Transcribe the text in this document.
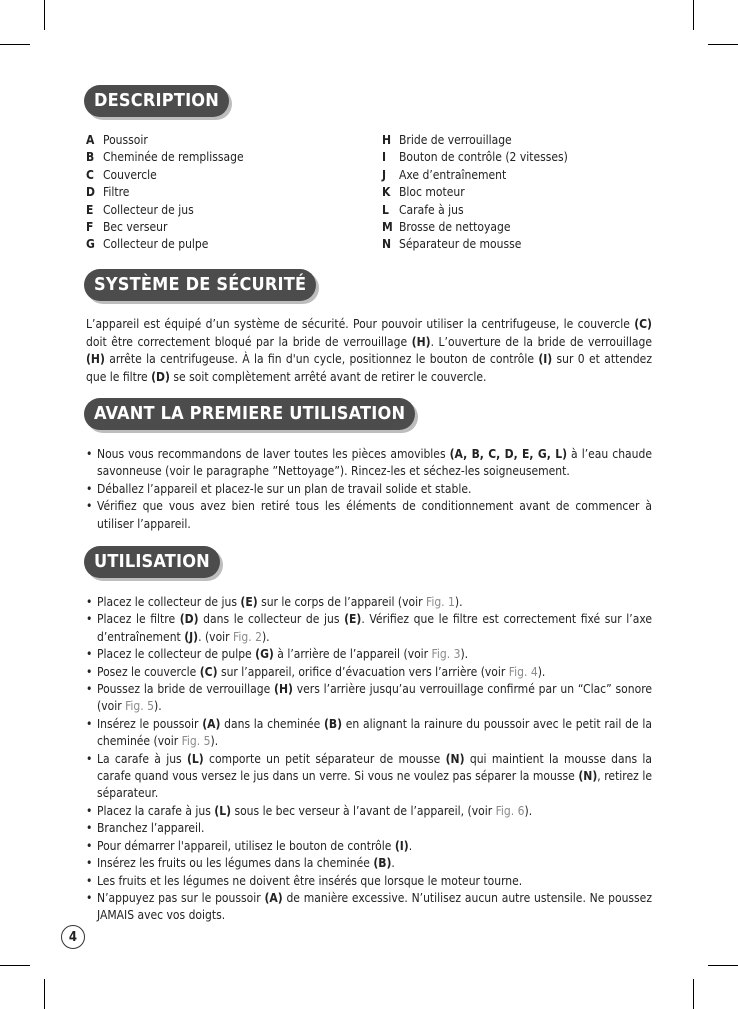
DESCRIPTION
A Poussoir
B Cheminée de remplissage
C Couvercle
D Filtre
E Collecteur de jus
F Bec verseur
G Collecteur de pulpe
H Bride de verrouillage
I Bouton de contrôle (2 vitesses)
J Axe d’entraînement
K Bloc moteur
L Carafe à jus
M Brosse de nettoyage
N Séparateur de mousse
SYSTÈME DE SÉCURITÉ
L’appareil est équipé d’un système de sécurité. Pour pouvoir utiliser la centrifugeuse, le couvercle (C) doit être correctement bloqué par la bride de verrouillage (H). L’ouverture de la bride de verrouillage (H) arrête la centrifugeuse. À la fin d'un cycle, positionnez le bouton de contrôle (I) sur 0 et attendez que le filtre (D) se soit complètement arrêté avant de retirer le couvercle.
AVANT LA PREMIERE UTILISATION
• Nous vous recommandons de laver toutes les pièces amovibles (A, B, C, D, E, G, L) à l’eau chaude savonneuse (voir le paragraphe ”Nettoyage”). Rincez-les et séchez-les soigneusement.
• Déballez l’appareil et placez-le sur un plan de travail solide et stable.
• Vérifiez que vous avez bien retiré tous les éléments de conditionnement avant de commencer à utiliser l’appareil.
UTILISATION
• Placez le collecteur de jus (E) sur le corps de l’appareil (voir Fig. 1).
• Placez le filtre (D) dans le collecteur de jus (E). Vérifiez que le filtre est correctement fixé sur l’axe d’entraînement (J). (voir Fig. 2).
• Placez le collecteur de pulpe (G) à l’arrière de l’appareil (voir Fig. 3).
• Posez le couvercle (C) sur l’appareil, orifice d’évacuation vers l’arrière (voir Fig. 4).
• Poussez la bride de verrouillage (H) vers l’arrière jusqu’au verrouillage confirmé par un “Clac” sonore (voir Fig. 5).
• Insérez le poussoir (A) dans la cheminée (B) en alignant la rainure du poussoir avec le petit rail de la cheminée (voir Fig. 5).
• La carafe à jus (L) comporte un petit séparateur de mousse (N) qui maintient la mousse dans la carafe quand vous versez le jus dans un verre. Si vous ne voulez pas séparer la mousse (N), retirez le séparateur.
• Placez la carafe à jus (L) sous le bec verseur à l’avant de l’appareil, (voir Fig. 6).
• Branchez l’appareil.
• Pour démarrer l'appareil, utilisez le bouton de contrôle (I).
• Insérez les fruits ou les légumes dans la cheminée (B).
• Les fruits et les légumes ne doivent être insérés que lorsque le moteur tourne.
• N’appuyez pas sur le poussoir (A) de manière excessive. N’utilisez aucun autre ustensile. Ne poussez JAMAIS avec vos doigts.
4
